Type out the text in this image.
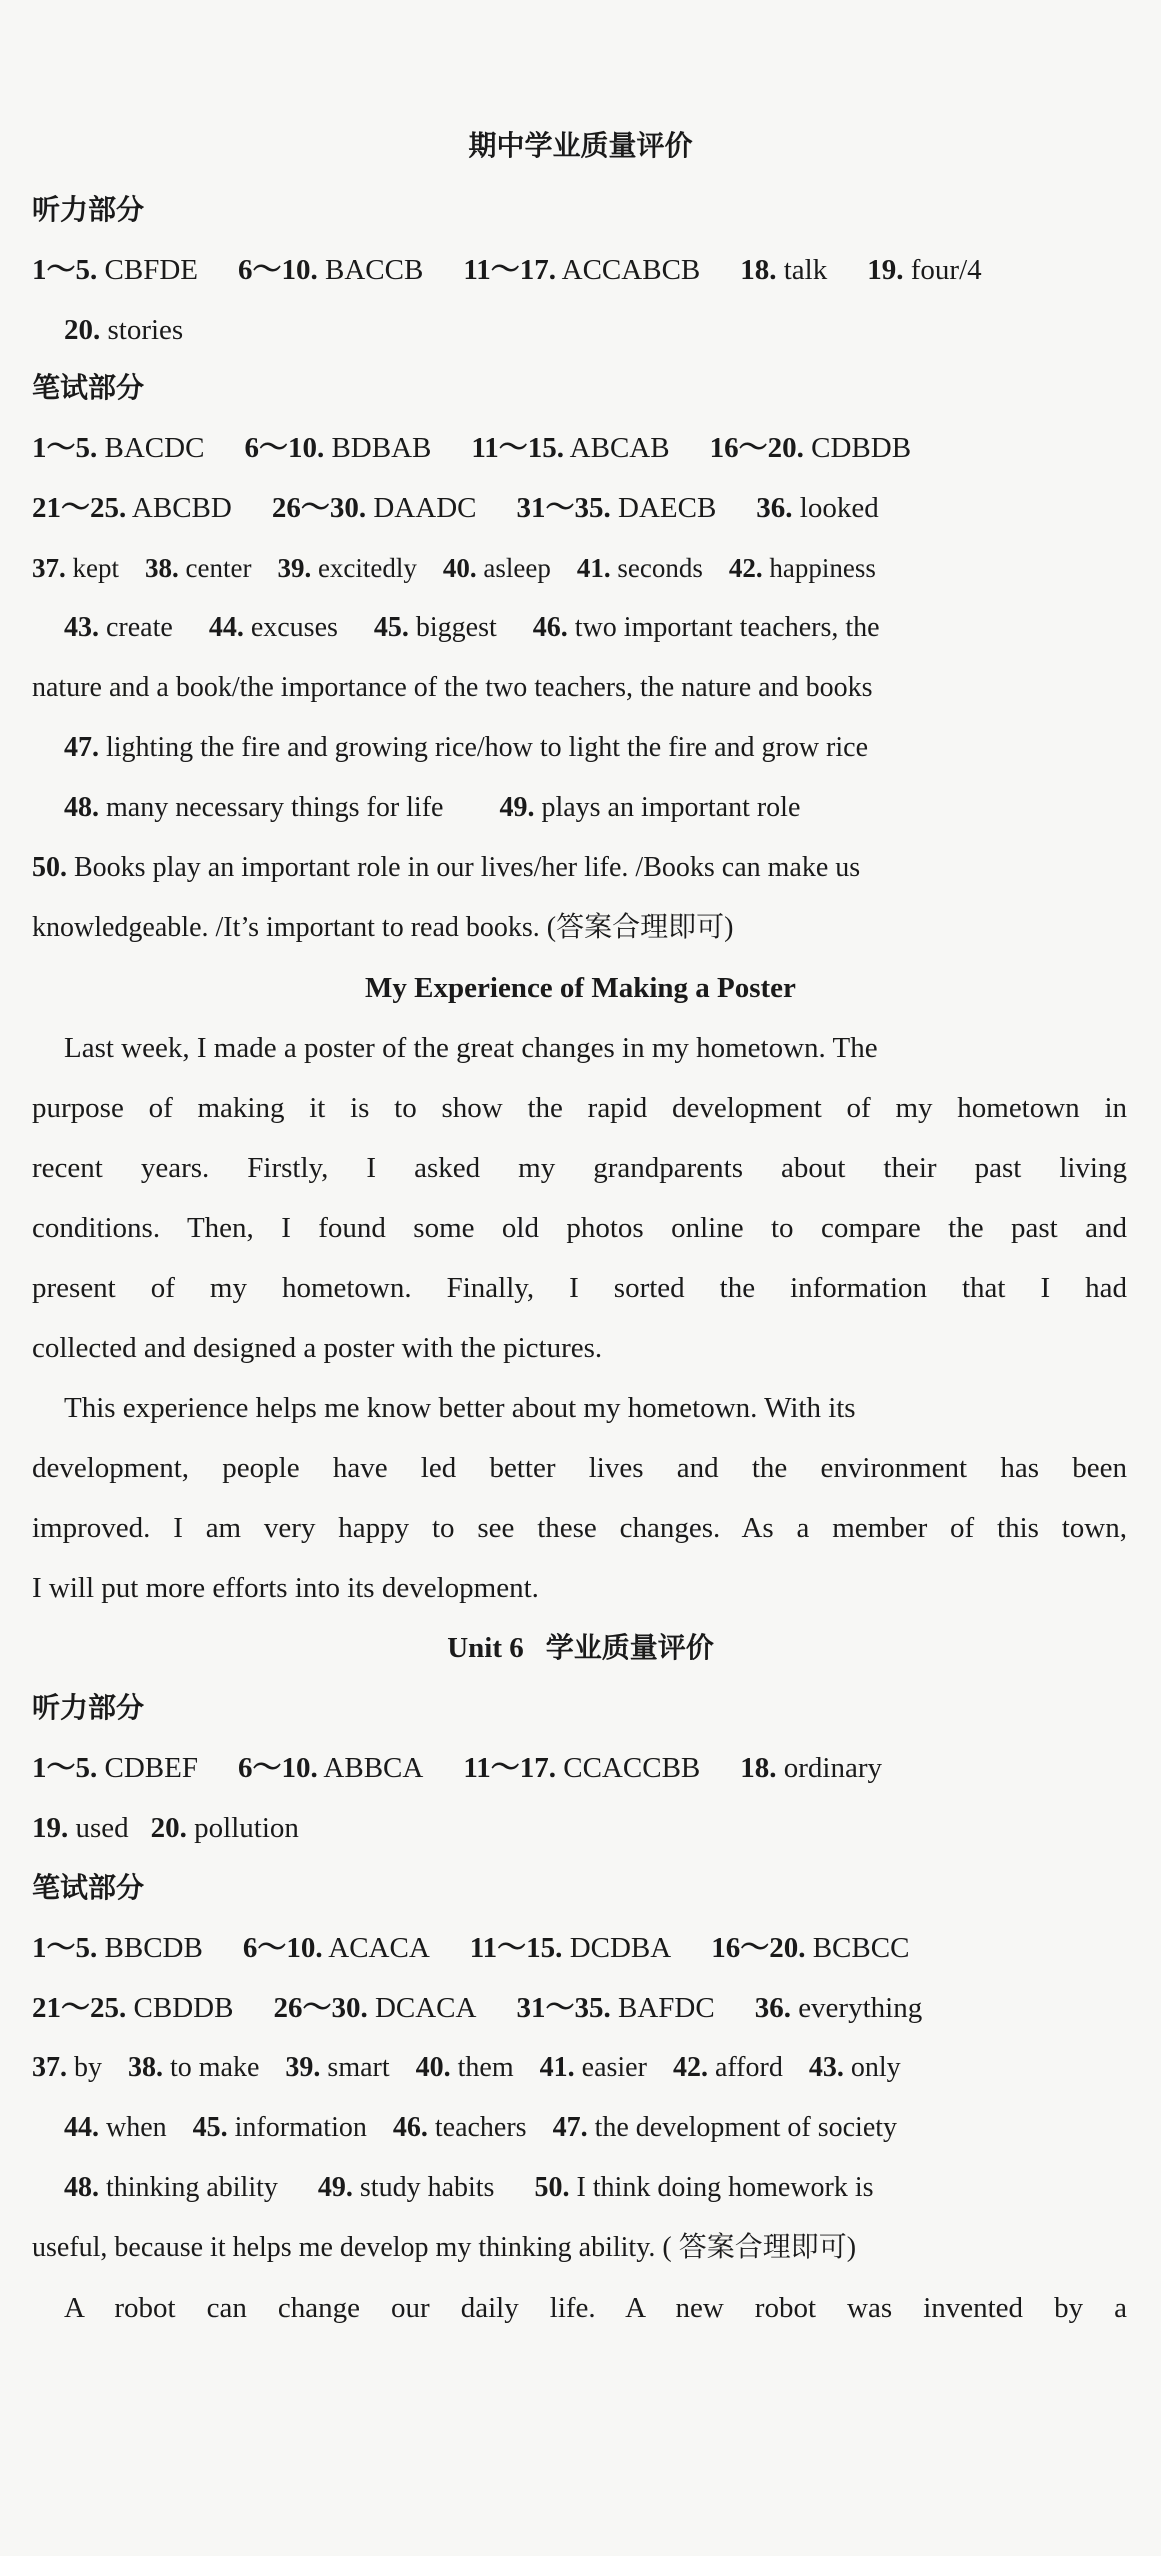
期中学业质量评价
听力部分
1～5. CBFDE 6～10. BACCB 11～17. ACCABCB 18. talk 19. four/4
20. stories
笔试部分
1～5. BACDC 6～10. BDBAB 11～15. ABCAB 16～20. CDBDB
21～25. ABCBD 26～30. DAADC 31～35. DAECB 36. looked
37. kept 38. center 39. excitedly 40. asleep 41. seconds 42. happiness
43. create 44. excuses 45. biggest 46. two important teachers, the
nature and a book/the importance of the two teachers, the nature and books
47. lighting the fire and growing rice/how to light the fire and grow rice
48. many necessary things for life 49. plays an important role
50. Books play an important role in our lives/her life. /Books can make us
knowledgeable. /It’s important to read books. (答案合理即可)
My Experience of Making a Poster
Last week, I made a poster of the great changes in my hometown. The
purpose of making it is to show the rapid development of my hometown in
recent years. Firstly, I asked my grandparents about their past living
conditions. Then, I found some old photos online to compare the past and
present of my hometown. Finally, I sorted the information that I had
collected and designed a poster with the pictures.
This experience helps me know better about my hometown. With its
development, people have led better lives and the environment has been
improved. I am very happy to see these changes. As a member of this town,
I will put more efforts into its development.
Unit 6 学业质量评价
听力部分
1～5. CDBEF 6～10. ABBCA 11～17. CCACCBB 18. ordinary
19. used 20. pollution
笔试部分
1～5. BBCDB 6～10. ACACA 11～15. DCDBA 16～20. BCBCC
21～25. CBDDB 26～30. DCACA 31～35. BAFDC 36. everything
37. by 38. to make 39. smart 40. them 41. easier 42. afford 43. only
44. when 45. information 46. teachers 47. the development of society
48. thinking ability 49. study habits 50. I think doing homework is
useful, because it helps me develop my thinking ability. ( 答案合理即可)
A robot can change our daily life. A new robot was invented by a
